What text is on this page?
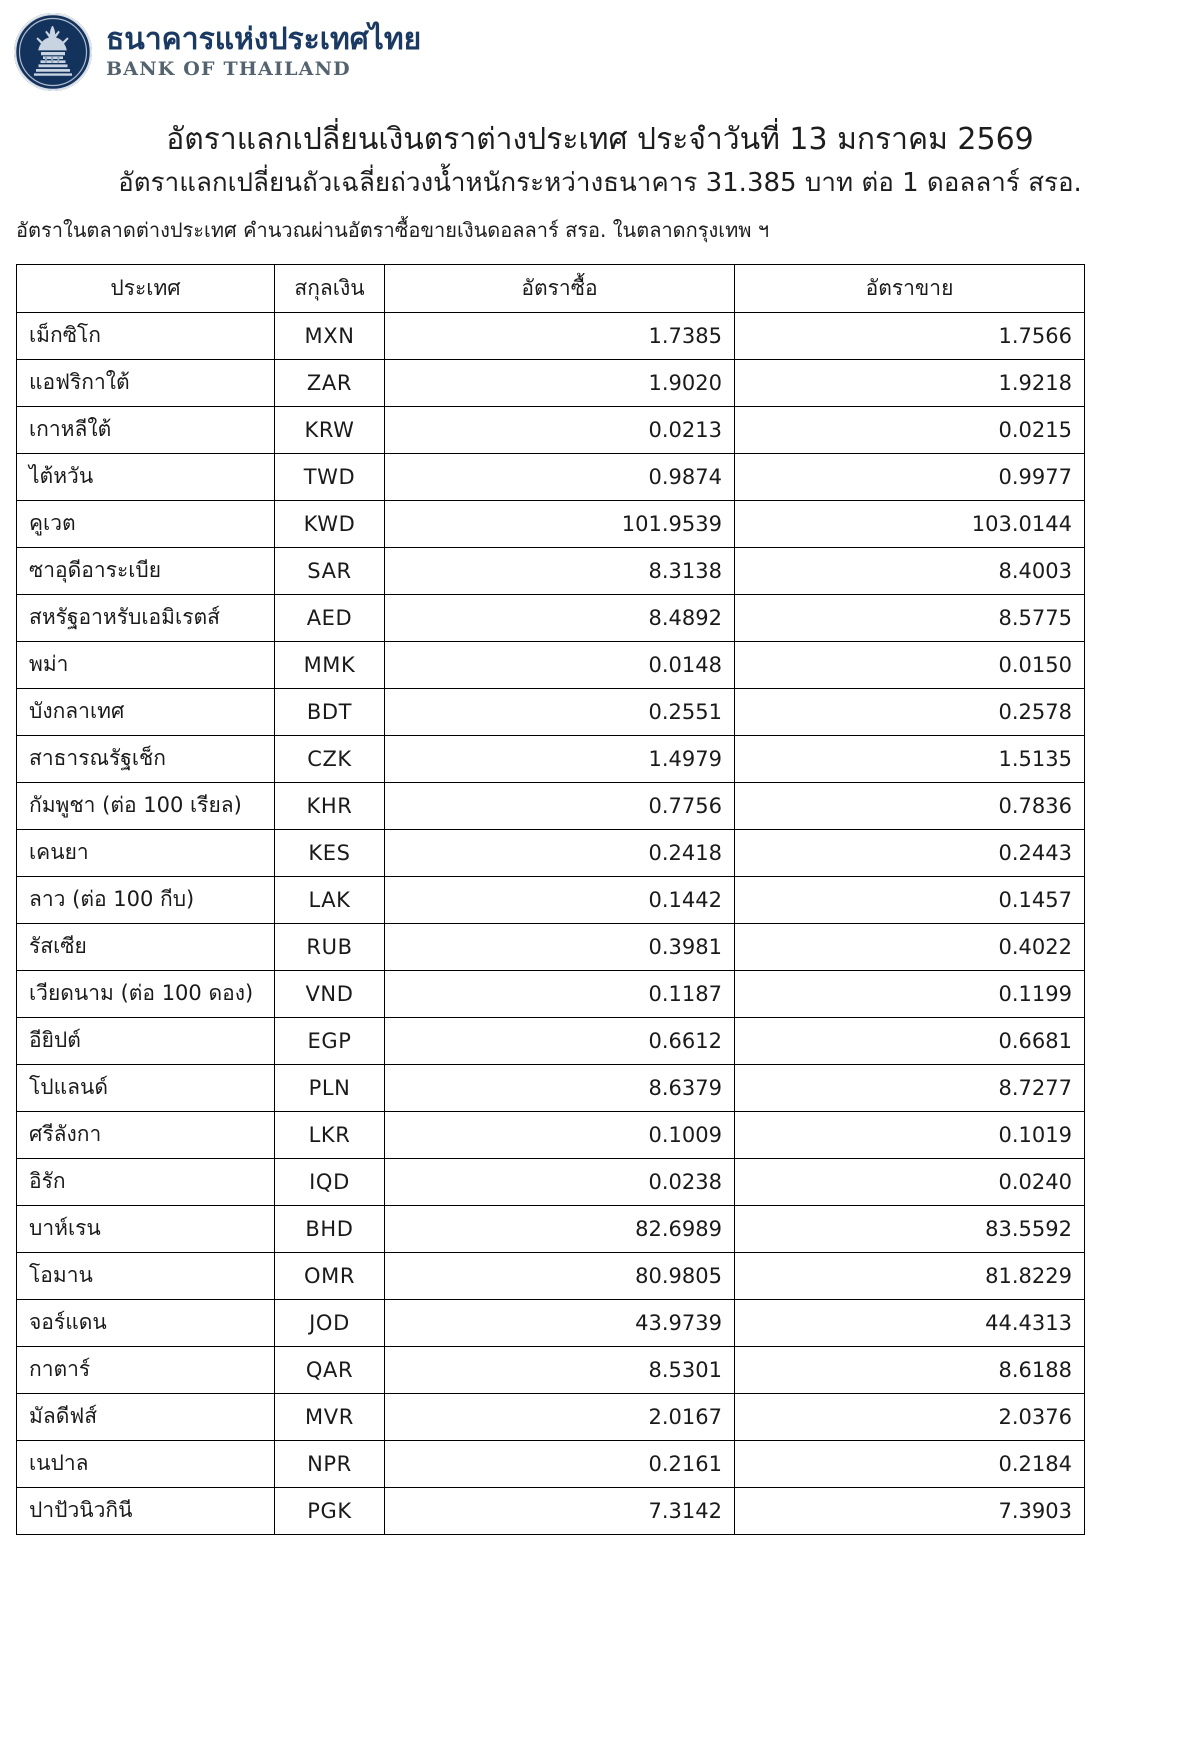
ธนาคารแห่งประเทศไทย
BANK OF THAILAND
อัตราแลกเปลี่ยนเงินตราต่างประเทศ ประจำวันที่ 13 มกราคม 2569
อัตราแลกเปลี่ยนถัวเฉลี่ยถ่วงน้ำหนักระหว่างธนาคาร 31.385 บาท ต่อ 1 ดอลลาร์ สรอ.
อัตราในตลาดต่างประเทศ คำนวณผ่านอัตราซื้อขายเงินดอลลาร์ สรอ. ในตลาดกรุงเทพ ฯ
ประเทศ	สกุลเงิน	อัตราซื้อ	อัตราขาย
เม็กซิโก	MXN	1.7385	1.7566
แอฟริกาใต้	ZAR	1.9020	1.9218
เกาหลีใต้	KRW	0.0213	0.0215
ไต้หวัน	TWD	0.9874	0.9977
คูเวต	KWD	101.9539	103.0144
ซาอุดีอาระเบีย	SAR	8.3138	8.4003
สหรัฐอาหรับเอมิเรตส์	AED	8.4892	8.5775
พม่า	MMK	0.0148	0.0150
บังกลาเทศ	BDT	0.2551	0.2578
สาธารณรัฐเช็ก	CZK	1.4979	1.5135
กัมพูชา (ต่อ 100 เรียล)	KHR	0.7756	0.7836
เคนยา	KES	0.2418	0.2443
ลาว (ต่อ 100 กีบ)	LAK	0.1442	0.1457
รัสเซีย	RUB	0.3981	0.4022
เวียดนาม (ต่อ 100 ดอง)	VND	0.1187	0.1199
อียิปต์	EGP	0.6612	0.6681
โปแลนด์	PLN	8.6379	8.7277
ศรีลังกา	LKR	0.1009	0.1019
อิรัก	IQD	0.0238	0.0240
บาห์เรน	BHD	82.6989	83.5592
โอมาน	OMR	80.9805	81.8229
จอร์แดน	JOD	43.9739	44.4313
กาตาร์	QAR	8.5301	8.6188
มัลดีฟส์	MVR	2.0167	2.0376
เนปาล	NPR	0.2161	0.2184
ปาปัวนิวกินี	PGK	7.3142	7.3903
